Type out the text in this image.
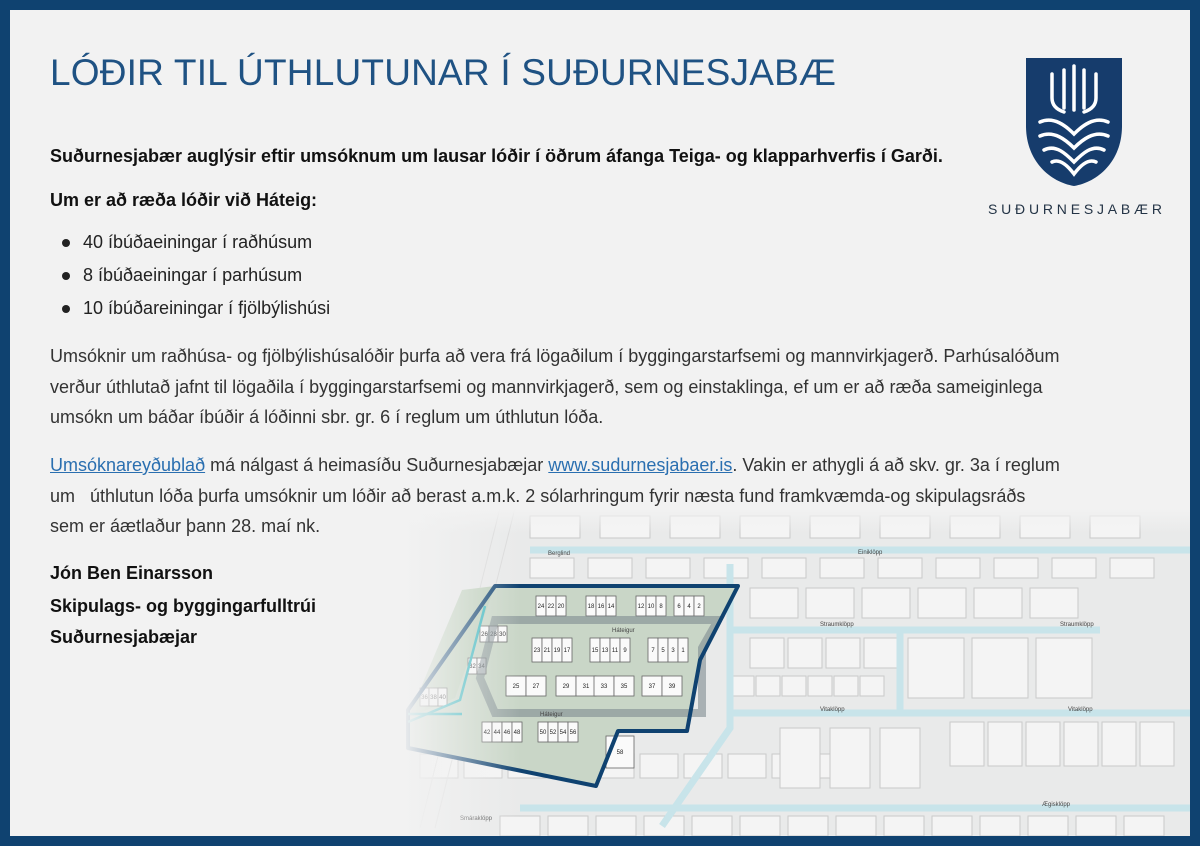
LÓÐIR TIL ÚTHLUTUNAR Í SUÐURNESJABÆ

Suðurnesjabær auglýsir eftir umsóknum um lausar lóðir í öðrum áfanga Teiga- og klapparhverfis í Garði.

Um er að ræða lóðir við Háteig:

40 íbúðaeiningar í raðhúsum
8 íbúðaeiningar í parhúsum
10 íbúðareiningar í fjölbýlishúsi
Umsóknir um raðhúsa- og fjölbýlishúsalóðir þurfa að vera frá lögaðilum í byggingarstarfsemi og mannvirkjagerð. Parhúsalóðum
verður úthlutað jafnt til lögaðila í byggingarstarfsemi og mannvirkjagerð, sem og einstaklinga, ef um er að ræða sameiginlega
umsókn um báðar íbúðir á lóðinni sbr. gr. 6 í reglum um úthlutun lóða.
24 22 20	18 16 14	12 10 8 6 4 2
23 21 19 17	15 13 11 9	7 5 3 1
27	29 31 33 35	37 39
50 52 54 56
58
Háteigur
Háteigur
Straumklöpp	Straumklöpp
Vitaklöpp	Vitaklöpp
Ægisklöpp
Einiklöpp
Berglind
Umsóknareyðublað má nálgast á heimasíðu Suðurnesjabæjar www.sudurnesjabaer.is. Vakin er athygli á að skv. gr. 3a í reglum
um   úthlutun lóða þurfa umsóknir um lóðir að berast a.m.k. 2 sólarhringum fyrir næsta fund framkvæmda-og skipulagsráðs
sem er áætlaður þann 28. maí nk.

Jón Ben Einarsson

Skipulags- og byggingarfulltrúi

Suðurnesjabæjar

SUÐURNESJABÆR
